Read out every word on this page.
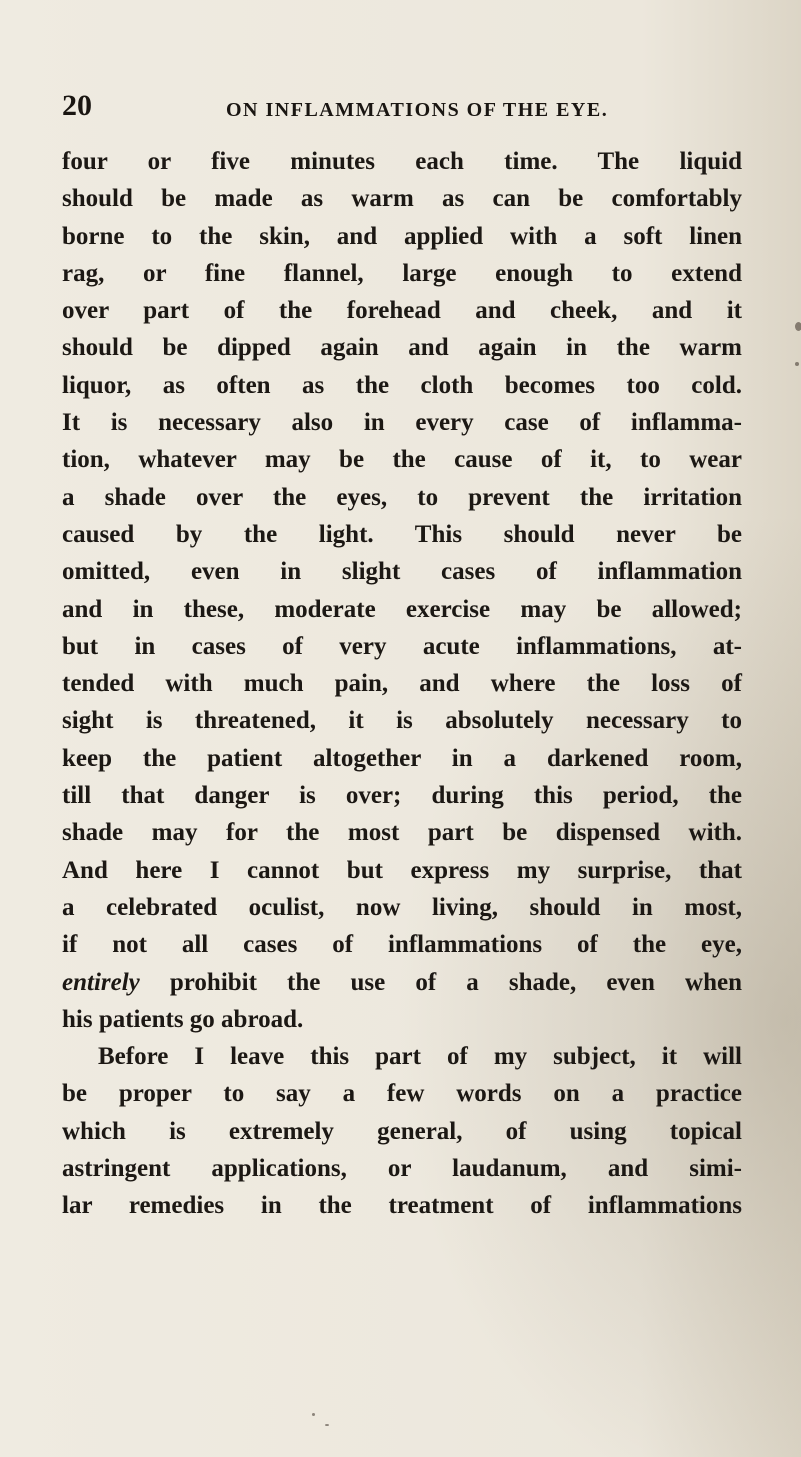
20	ON INFLAMMATIONS OF THE EYE.
four or five minutes each time. The liquid
should be made as warm as can be comfortably
borne to the skin, and applied with a soft linen
rag, or fine flannel, large enough to extend
over part of the forehead and cheek, and it
should be dipped again and again in the warm
liquor, as often as the cloth becomes too cold.
It is necessary also in every case of inflamma-
tion, whatever may be the cause of it, to wear
a shade over the eyes, to prevent the irritation
caused by the light. This should never be
omitted, even in slight cases of inflammation
and in these, moderate exercise may be allowed;
but in cases of very acute inflammations, at-
tended with much pain, and where the loss of
sight is threatened, it is absolutely necessary to
keep the patient altogether in a darkened room,
till that danger is over; during this period, the
shade may for the most part be dispensed with.
And here I cannot but express my surprise, that
a celebrated oculist, now living, should in most,
if not all cases of inflammations of the eye,
entirely prohibit the use of a shade, even when
his patients go abroad.
Before I leave this part of my subject, it will
be proper to say a few words on a practice
which is extremely general, of using topical
astringent applications, or laudanum, and simi-
lar remedies in the treatment of inflammations
